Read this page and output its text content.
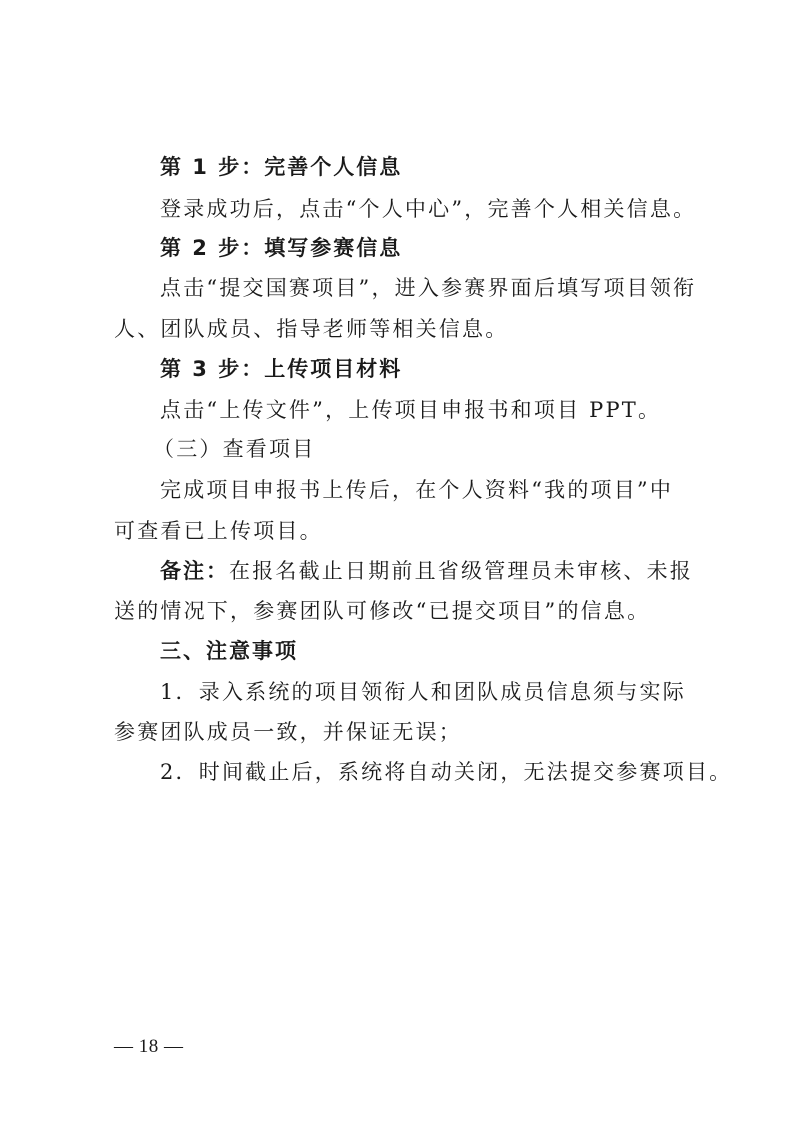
第 1 步：完善个人信息
登录成功后，点击“个人中心”，完善个人相关信息。
第 2 步：填写参赛信息
点击“提交国赛项目”，进入参赛界面后填写项目领衔
人、团队成员、指导老师等相关信息。
第 3 步：上传项目材料
点击“上传文件”，上传项目申报书和项目 PPT。
（三）查看项目
完成项目申报书上传后，在个人资料“我的项目”中
可查看已上传项目。
备注：在报名截止日期前且省级管理员未审核、未报
送的情况下，参赛团队可修改“已提交项目”的信息。
三、注意事项
1．录入系统的项目领衔人和团队成员信息须与实际
参赛团队成员一致，并保证无误；
2．时间截止后，系统将自动关闭，无法提交参赛项目。
— 18 —
